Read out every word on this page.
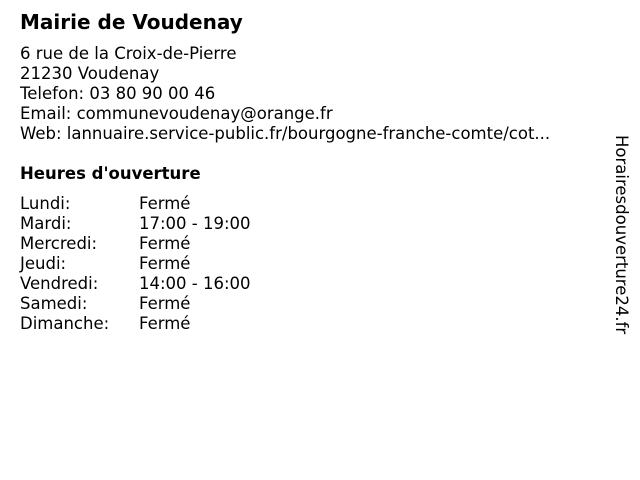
Mairie de Voudenay
6 rue de la Croix-de-Pierre
21230 Voudenay
Telefon: 03 80 90 00 46
Email: communevoudenay@orange.fr
Web: lannuaire.service-public.fr/bourgogne-franche-comte/cot...
Heures d'ouverture
Lundi:	Fermé
Mardi:	17:00 - 19:00
Mercredi:	Fermé
Jeudi:	Fermé
Vendredi:	14:00 - 16:00
Samedi:	Fermé
Dimanche:	Fermé	Horairesdouverture24.fr
